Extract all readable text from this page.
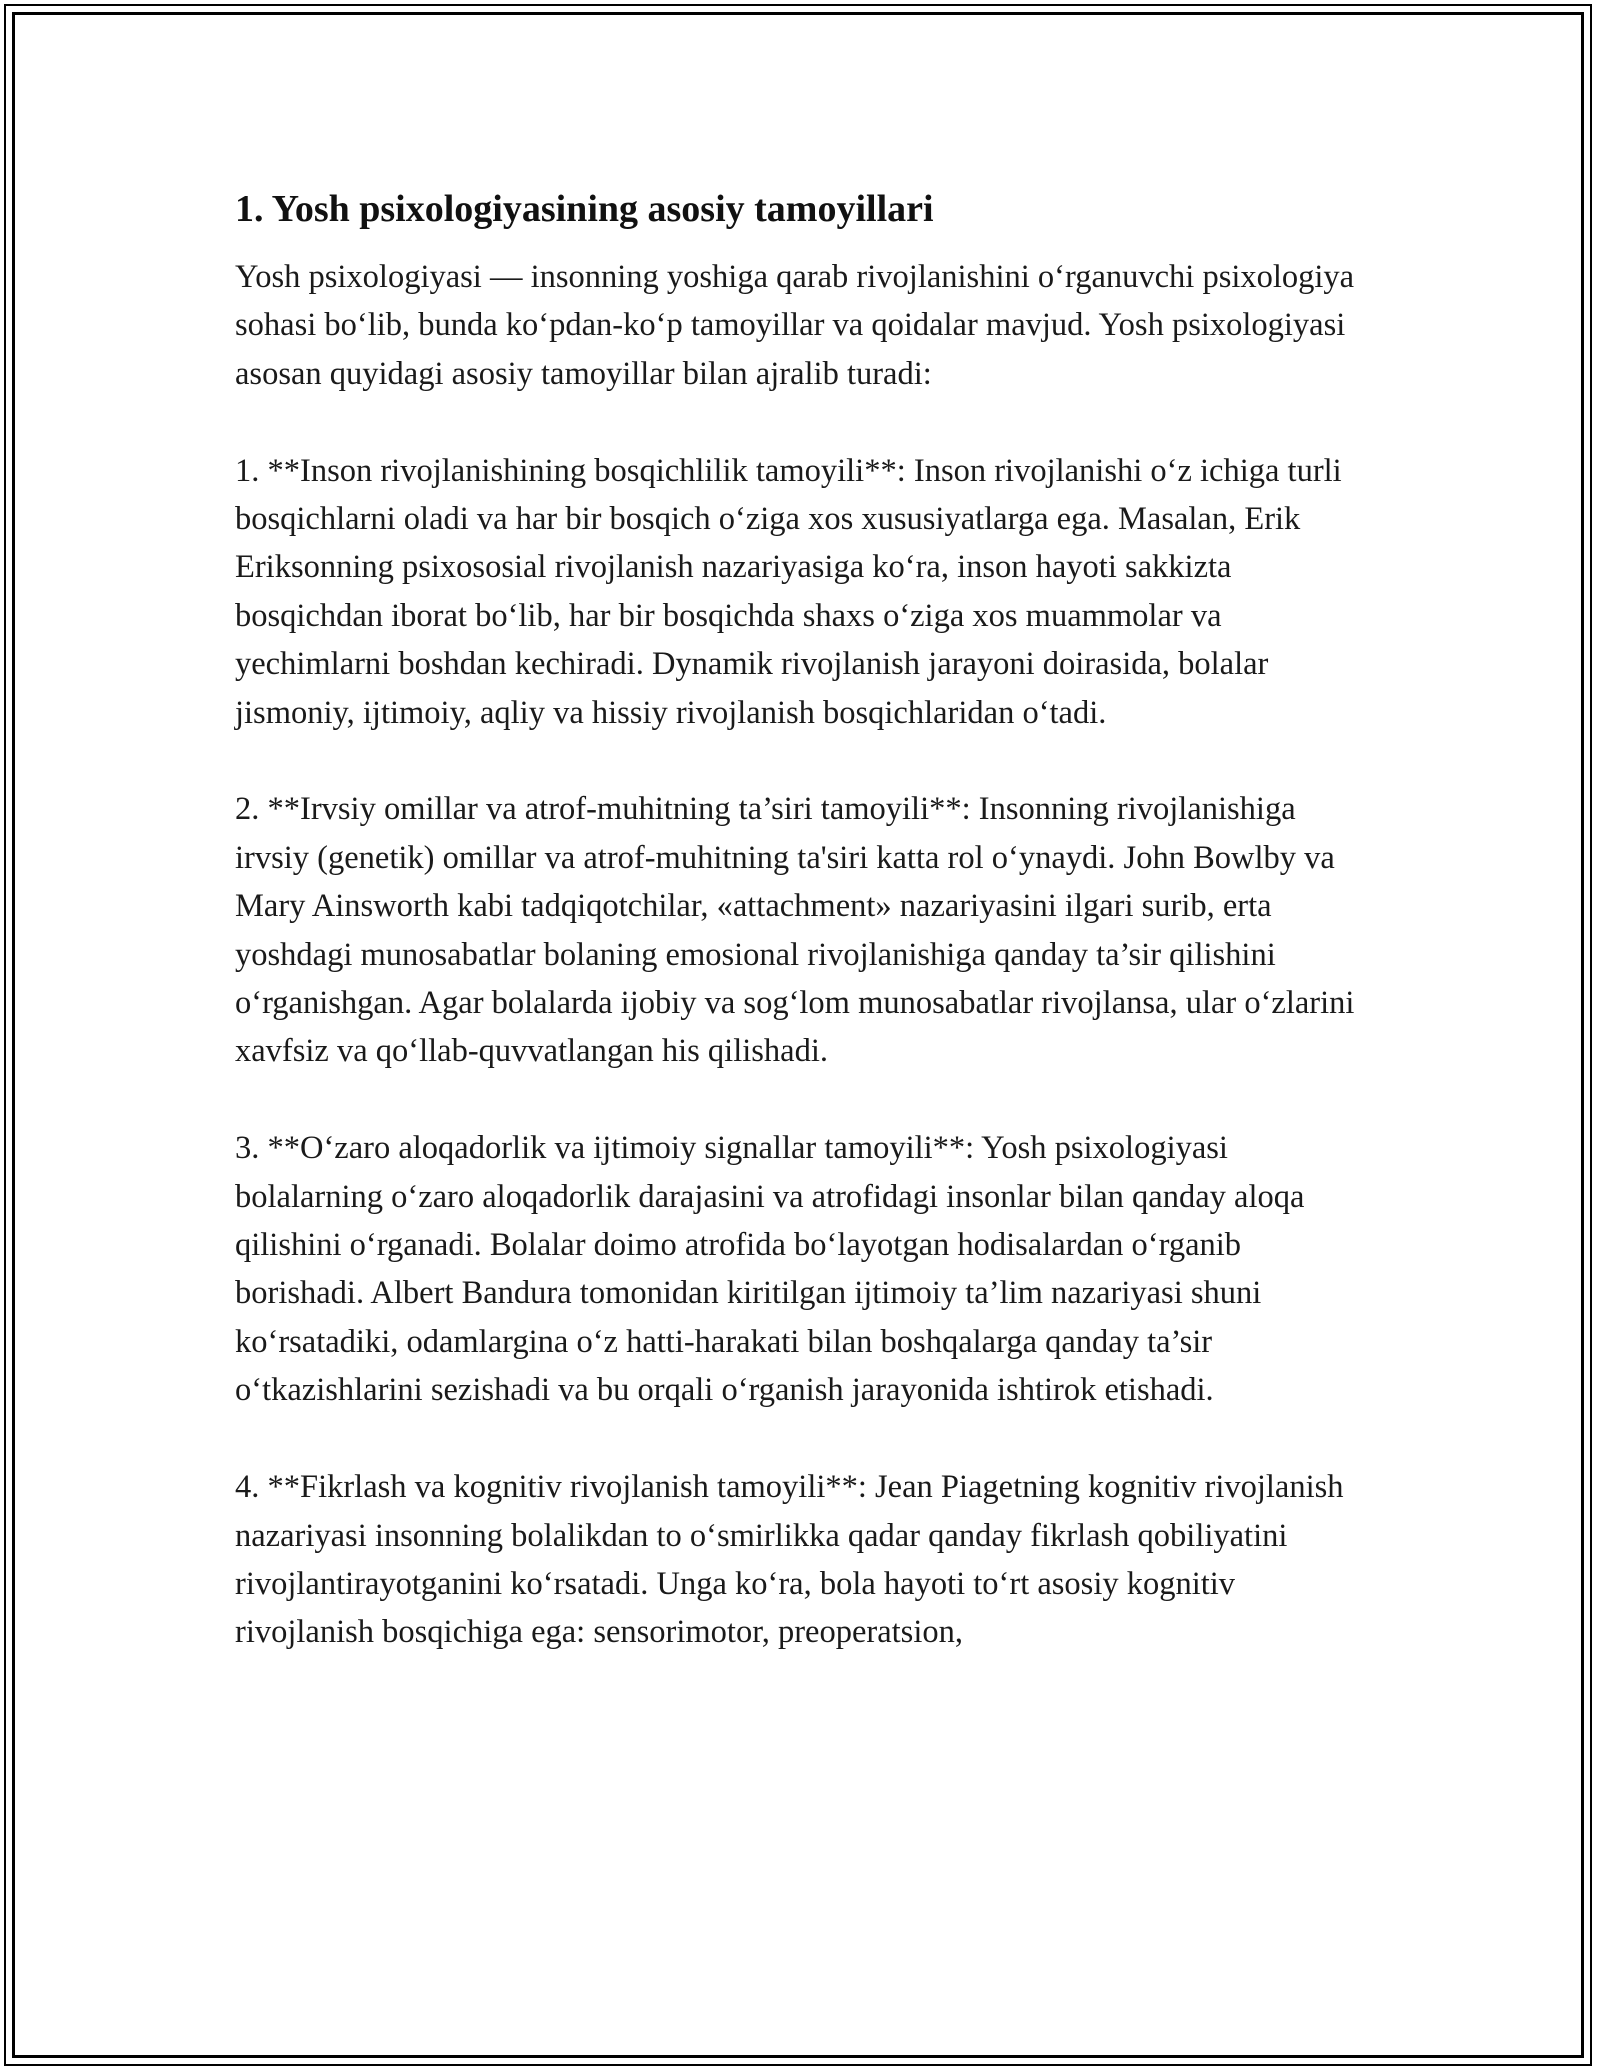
1. Yosh psixologiyasining asosiy tamoyillari

Yosh psixologiyasi — insonning yoshiga qarab rivojlanishini o‘rganuvchi psixologiya sohasi bo‘lib, bunda ko‘pdan-ko‘p tamoyillar va qoidalar mavjud. Yosh psixologiyasi asosan quyidagi asosiy tamoyillar bilan ajralib turadi:

1. **Inson rivojlanishining bosqichlilik tamoyili**: Inson rivojlanishi o‘z ichiga turli bosqichlarni oladi va har bir bosqich o‘ziga xos xususiyatlarga ega. Masalan, Erik Eriksonning psixososial rivojlanish nazariyasiga ko‘ra, inson hayoti sakkizta bosqichdan iborat bo‘lib, har bir bosqichda shaxs o‘ziga xos muammolar va yechimlarni boshdan kechiradi. Dynamik rivojlanish jarayoni doirasida, bolalar jismoniy, ijtimoiy, aqliy va hissiy rivojlanish bosqichlaridan o‘tadi.

2. **Irvsiy omillar va atrof-muhitning ta’siri tamoyili**: Insonning rivojlanishiga irvsiy (genetik) omillar va atrof-muhitning ta'siri katta rol o‘ynaydi. John Bowlby va Mary Ainsworth kabi tadqiqotchilar, «attachment» nazariyasini ilgari surib, erta yoshdagi munosabatlar bolaning emosional rivojlanishiga qanday ta’sir qilishini o‘rganishgan. Agar bolalarda ijobiy va sog‘lom munosabatlar rivojlansa, ular o‘zlarini xavfsiz va qo‘llab-quvvatlangan his qilishadi.

3. **O‘zaro aloqadorlik va ijtimoiy signallar tamoyili**: Yosh psixologiyasi bolalarning o‘zaro aloqadorlik darajasini va atrofidagi insonlar bilan qanday aloqa qilishini o‘rganadi. Bolalar doimo atrofida bo‘layotgan hodisalardan o‘rganib borishadi. Albert Bandura tomonidan kiritilgan ijtimoiy ta’lim nazariyasi shuni ko‘rsatadiki, odamlargina o‘z hatti-harakati bilan boshqalarga qanday ta’sir o‘tkazishlarini sezishadi va bu orqali o‘rganish jarayonida ishtirok etishadi.

4. **Fikrlash va kognitiv rivojlanish tamoyili**: Jean Piagetning kognitiv rivojlanish nazariyasi insonning bolalikdan to o‘smirlikka qadar qanday fikrlash qobiliyatini rivojlantirayotganini ko‘rsatadi. Unga ko‘ra, bola hayoti to‘rt asosiy kognitiv rivojlanish bosqichiga ega: sensorimotor, preoperatsion,
